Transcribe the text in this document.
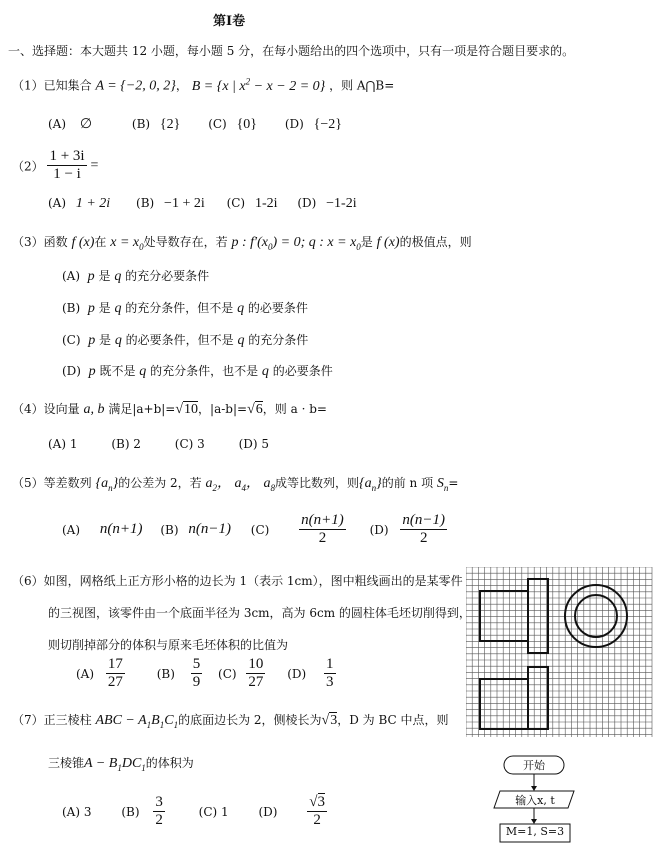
第Ⅰ卷
一、选择题：本大题共 12 小题，每小题 5 分，在每小题给出的四个选项中，只有一项是符合题目要求的。
（1）已知集合 A = {−2, 0, 2}， B = {x | $x^2 - x - 2 = 0$} ，则 A⋂B=
(A) ∅	(B) {2} (C) {0} (D) {−2}
$(2) \frac{1 + 3i}{1 - i}$ =
(A) 1 + 2i (B) −1 + 2i (C) 1-2i (D) −1-2i
（3）函数 f (x)在 $x = x_0$处导数存在，若 p : $f'(x_0) = 0$; q : $x = x_0$是 f (x)的极值点，则
(A) p 是 q 的充分必要条件
(B) p 是 q 的充分条件，但不是 q 的必要条件
(C) p 是 q 的必要条件，但不是 q 的充分条件
(D) p 既不是 q 的充分条件，也不是 q 的必要条件
（4）设向量 a, b 满足|a+b|=√10，|a-b|=√6，则 a · b=
(A) 1	(B) 2	(C) 3	(D) 5
（5）等差数列 $\{a_n\}$的公差为 2，若 $a_2$， $a_4$， $a_8$成等比数列，则$\{a_n\}$的前 n 项 $S_n=$
(A) n(n+1) (B) n(n−1) $(C) \frac{n(n+1)}{2} (D) \frac{n(n-1)}{2}$
（6）如图，网格纸上正方形小格的边长为 1（表示 1cm），图中粗线画出的是某零件
的三视图，该零件由一个底面半径为 3cm，高为 6cm 的圆柱体毛坯切削得到，
则切削掉部分的体积与原来毛坯体积的比值为
$(A) \frac{17}{27}$	$(B) \frac{5}{9} (C) \frac{10}{27} (D) \frac{1}{3}$
（7）正三棱柱 ABC − $A_1B_1C_1$的底面边长为 2，侧棱长为√3，D 为 BC 中点，则
三棱锥$A - B_1DC_1$的体积为
(A) 3 $(B) \frac{3}{2}$	(C) 1 $(D) \frac{√3}{2}$
开始
输入x, t
M=1, S=3
